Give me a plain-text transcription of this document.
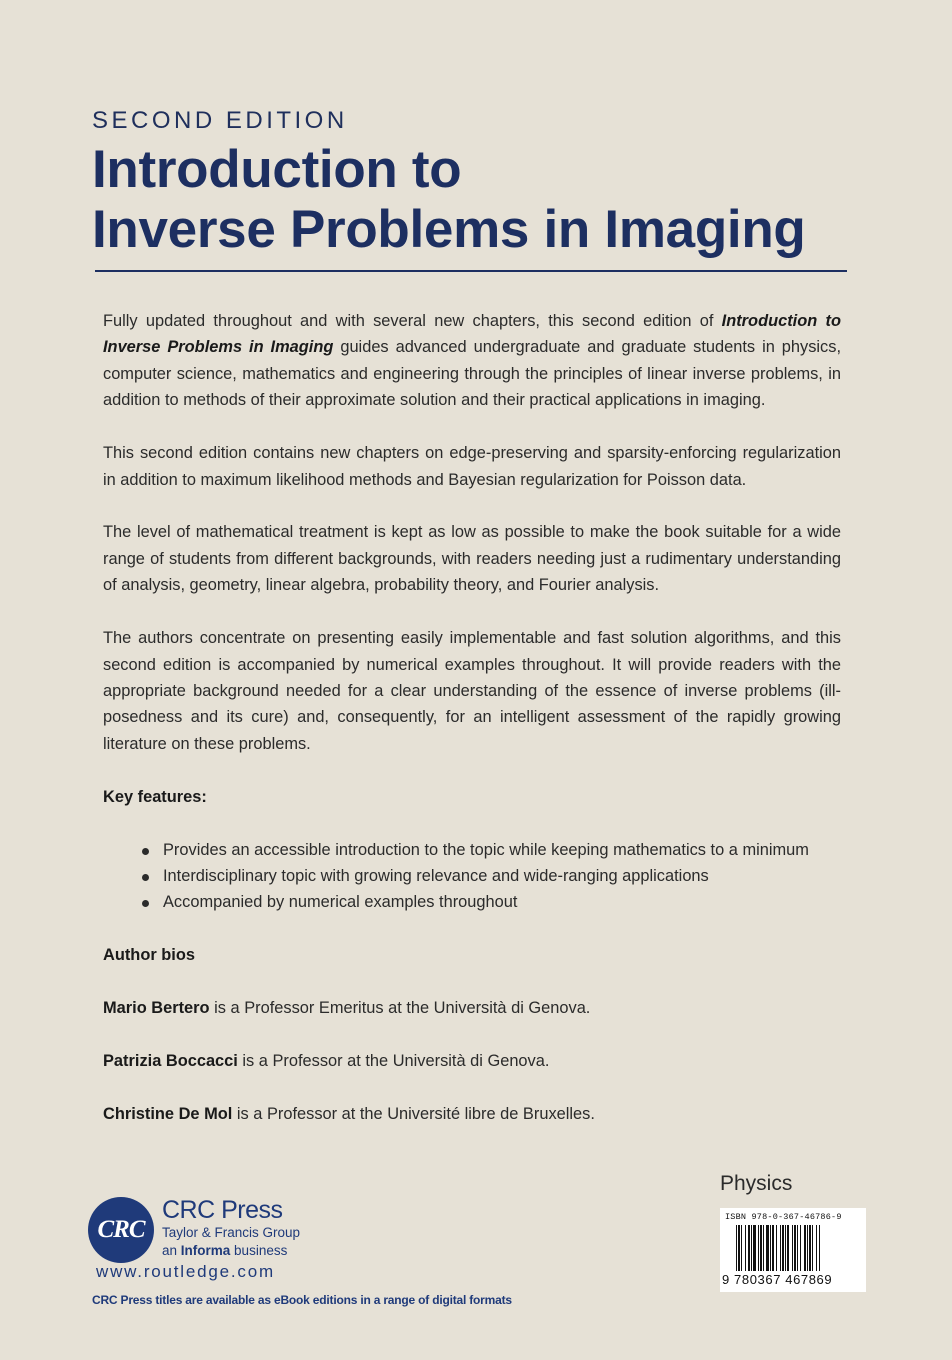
SECOND EDITION
Introduction to
Inverse Problems in Imaging

Fully updated throughout and with several new chapters, this second edition of Introduction to Inverse Problems in Imaging guides advanced undergraduate and graduate students in physics, computer science, mathematics and engineering through the principles of linear inverse problems, in addition to methods of their approximate solution and their practical applications in imaging.

This second edition contains new chapters on edge-preserving and sparsity-enforcing regularization in addition to maximum likelihood methods and Bayesian regularization for Poisson data.

The level of mathematical treatment is kept as low as possible to make the book suitable for a wide range of students from different backgrounds, with readers needing just a rudimentary understanding of analysis, geometry, linear algebra, probability theory, and Fourier analysis.

The authors concentrate on presenting easily implementable and fast solution algorithms, and this second edition is accompanied by numerical examples throughout. It will provide readers with the appropriate background needed for a clear understanding of the essence of inverse problems (ill-posedness and its cure) and, consequently, for an intelligent assessment of the rapidly growing literature on these problems.

Key features:

Provides an accessible introduction to the topic while keeping mathematics to a minimum
Interdisciplinary topic with growing relevance and wide-ranging applications
Accompanied by numerical examples throughout

Author bios

Mario Bertero is a Professor Emeritus at the Università di Genova.

Patrizia Boccacci is a Professor at the Università di Genova.

Christine De Mol is a Professor at the Université libre de Bruxelles.

CRC
CRC Press
Taylor & Francis Group
an Informa business
www.routledge.com
CRC Press titles are available as eBook editions in a range of digital formats
Physics
ISBN 978-0-367-46786-9
9 780367 467869
